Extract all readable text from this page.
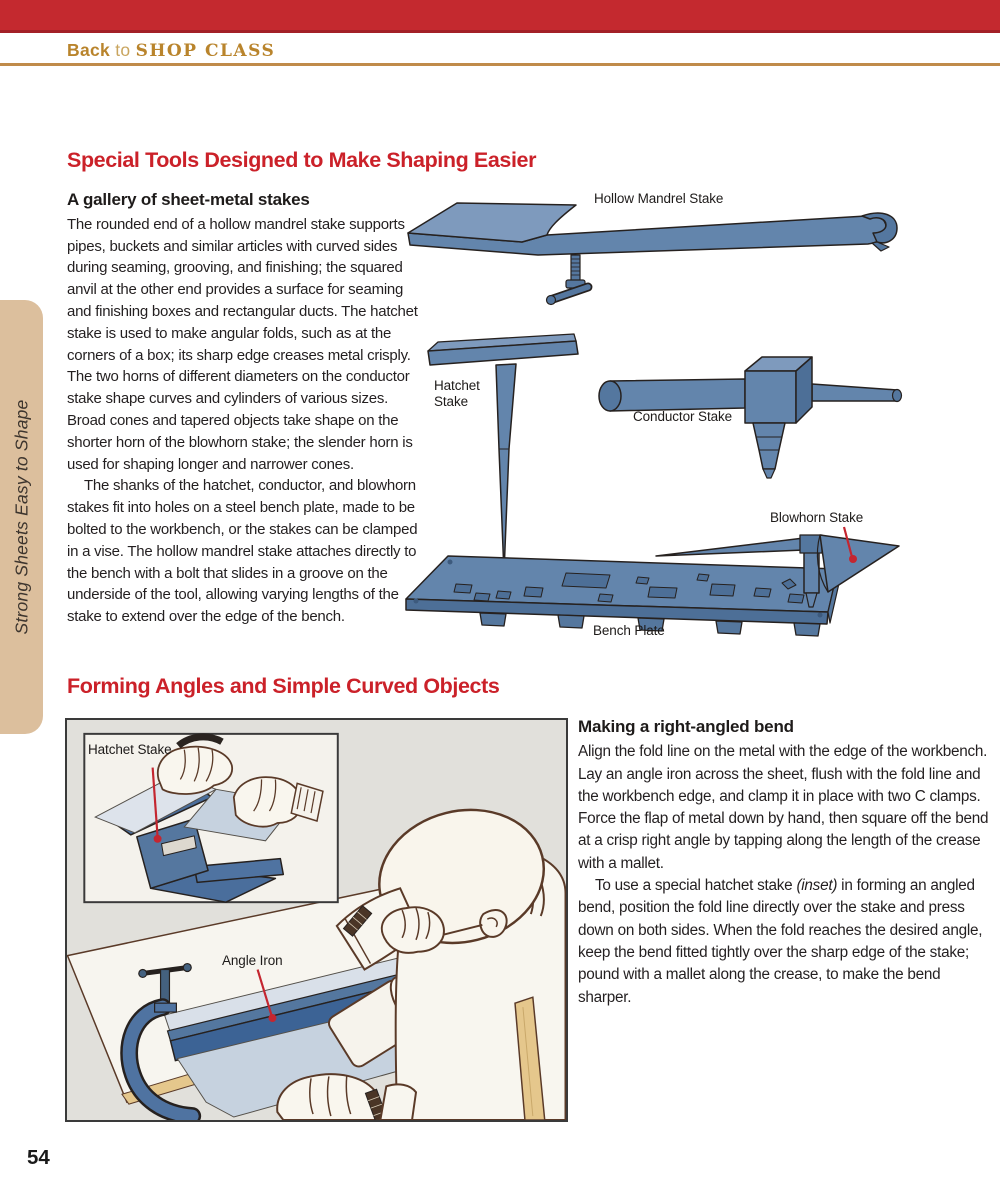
Back to SHOP CLASS
Strong Sheets Easy to Shape
Special Tools Designed to Make Shaping Easier
A gallery of sheet-metal stakes

The rounded end of a hollow mandrel stake supports pipes, buckets and similar articles with curved sides during seaming, grooving, and finishing; the squared anvil at the other end provides a surface for seaming and finishing boxes and rectangular ducts. The hatchet stake is used to make angular folds, such as at the corners of a box; its sharp edge creases metal crisply. The two horns of different diameters on the conductor stake shape curves and cylinders of various sizes. Broad cones and tapered objects take shape on the shorter horn of the blowhorn stake; the slender horn is used for shaping longer and narrower cones.

The shanks of the hatchet, conductor, and blowhorn stakes fit into holes on a steel bench plate, made to be bolted to the workbench, or the stakes can be clamped in a vise. The hollow mandrel stake attaches directly to the bench with a bolt that slides in a groove on the underside of the tool, allowing varying lengths of the stake to extend over the edge of the bench.

Hollow Mandrel Stake
Hatchet Stake
Conductor Stake
Blowhorn Stake
Bench Plate
Forming Angles and Simple Curved Objects
Hatchet Stake
Angle Iron
Making a right-angled bend

Align the fold line on the metal with the edge of the workbench. Lay an angle iron across the sheet, flush with the fold line and the workbench edge, and clamp it in place with two C clamps. Force the flap of metal down by hand, then square off the bend at a crisp right angle by tapping along the length of the crease with a mallet.

To use a special hatchet stake (inset) in forming an angled bend, position the fold line directly over the stake and press down on both sides. When the fold reaches the desired angle, keep the bend fitted tightly over the sharp edge of the stake; pound with a mallet along the crease, to make the bend sharper.

54
